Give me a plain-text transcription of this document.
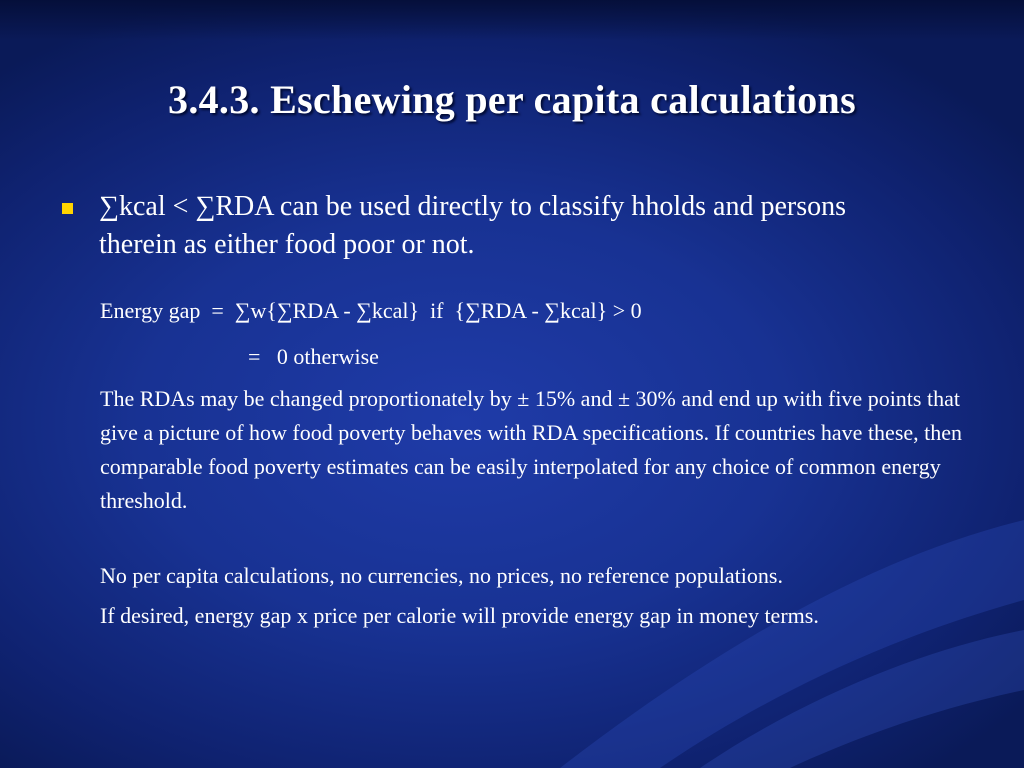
3.4.3. Eschewing per capita calculations
∑kcal < ∑RDA can be used directly to classify hholds and persons therein as either food poor or not.
Energy gap  =  ∑w{∑RDA - ∑kcal}  if  {∑RDA - ∑kcal} > 0
=   0 otherwise
The RDAs may be changed proportionately by ± 15% and ± 30% and end up with five points that give a picture of how food poverty behaves with RDA specifications. If countries have these, then comparable food poverty estimates can be easily interpolated for any choice of common energy threshold.
No per capita calculations, no currencies, no prices, no reference populations.
If desired, energy gap x price per calorie will provide energy gap in money terms.
